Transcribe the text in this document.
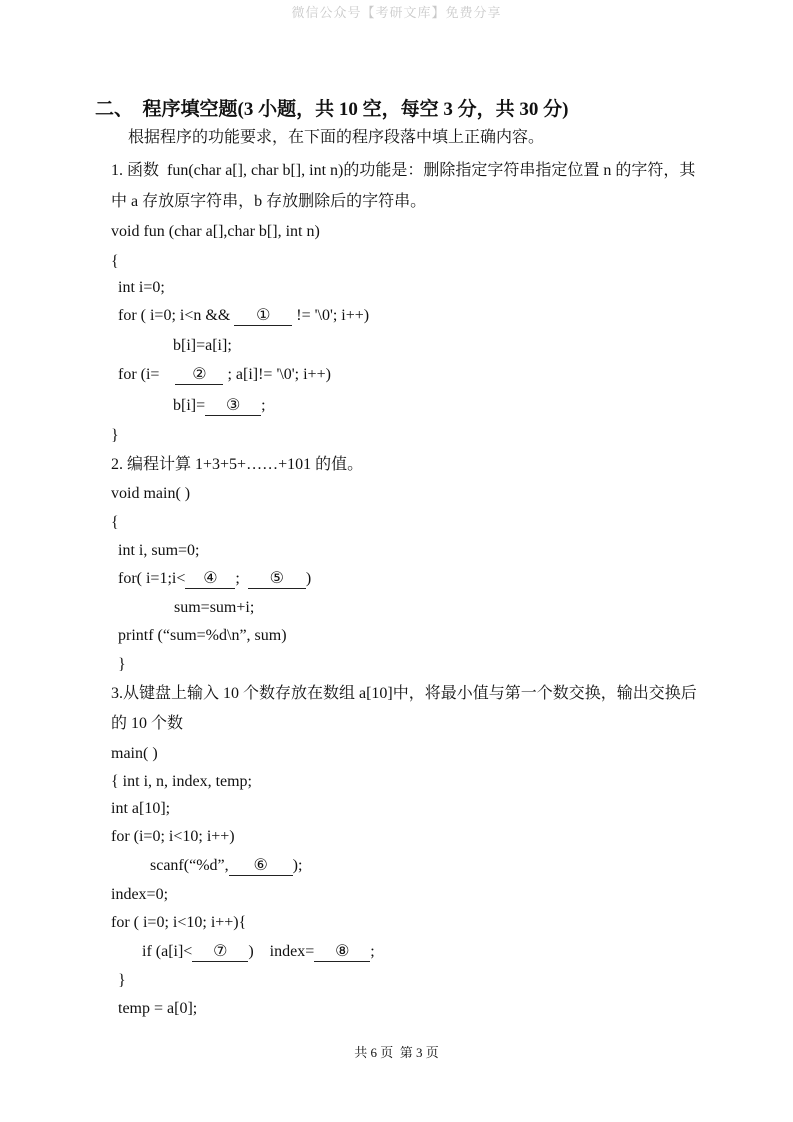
微信公众号【考研文库】免费分享
二、  程序填空题(3 小题，共 10 空，每空 3 分，共 30 分)
根据程序的功能要求，在下面的程序段落中填上正确内容。
1. 函数  fun(char a[], char b[], int n)的功能是：删除指定字符串指定位置 n 的字符，其
中 a 存放原字符串，b 存放删除后的字符串。
void fun (char a[],char b[], int n)
{
int i=0;
for ( i=0; i<n && ① != '\0'; i++)
b[i]=a[i];
for (i= ② ; a[i]!= '\0'; i++)
b[i]= ③ ;
}
2. 编程计算 1+3+5+……+101 的值。
void main( )
{
int i, sum=0;
for( i=1;i< ④ ; ⑤ )
sum=sum+i;
printf (“sum=%d\n”, sum)
}
3.从键盘上输入 10 个数存放在数组 a[10]中，将最小值与第一个数交换，输出交换后
的 10 个数
main( )
{ int i, n, index, temp;
int a[10];
for (i=0; i<10; i++)
scanf(“%d”, ⑥ );
index=0;
for ( i=0; i<10; i++){
if (a[i]< ⑦ )    index= ⑧ ;
}
temp = a[0];
共 6 页  第 3 页
